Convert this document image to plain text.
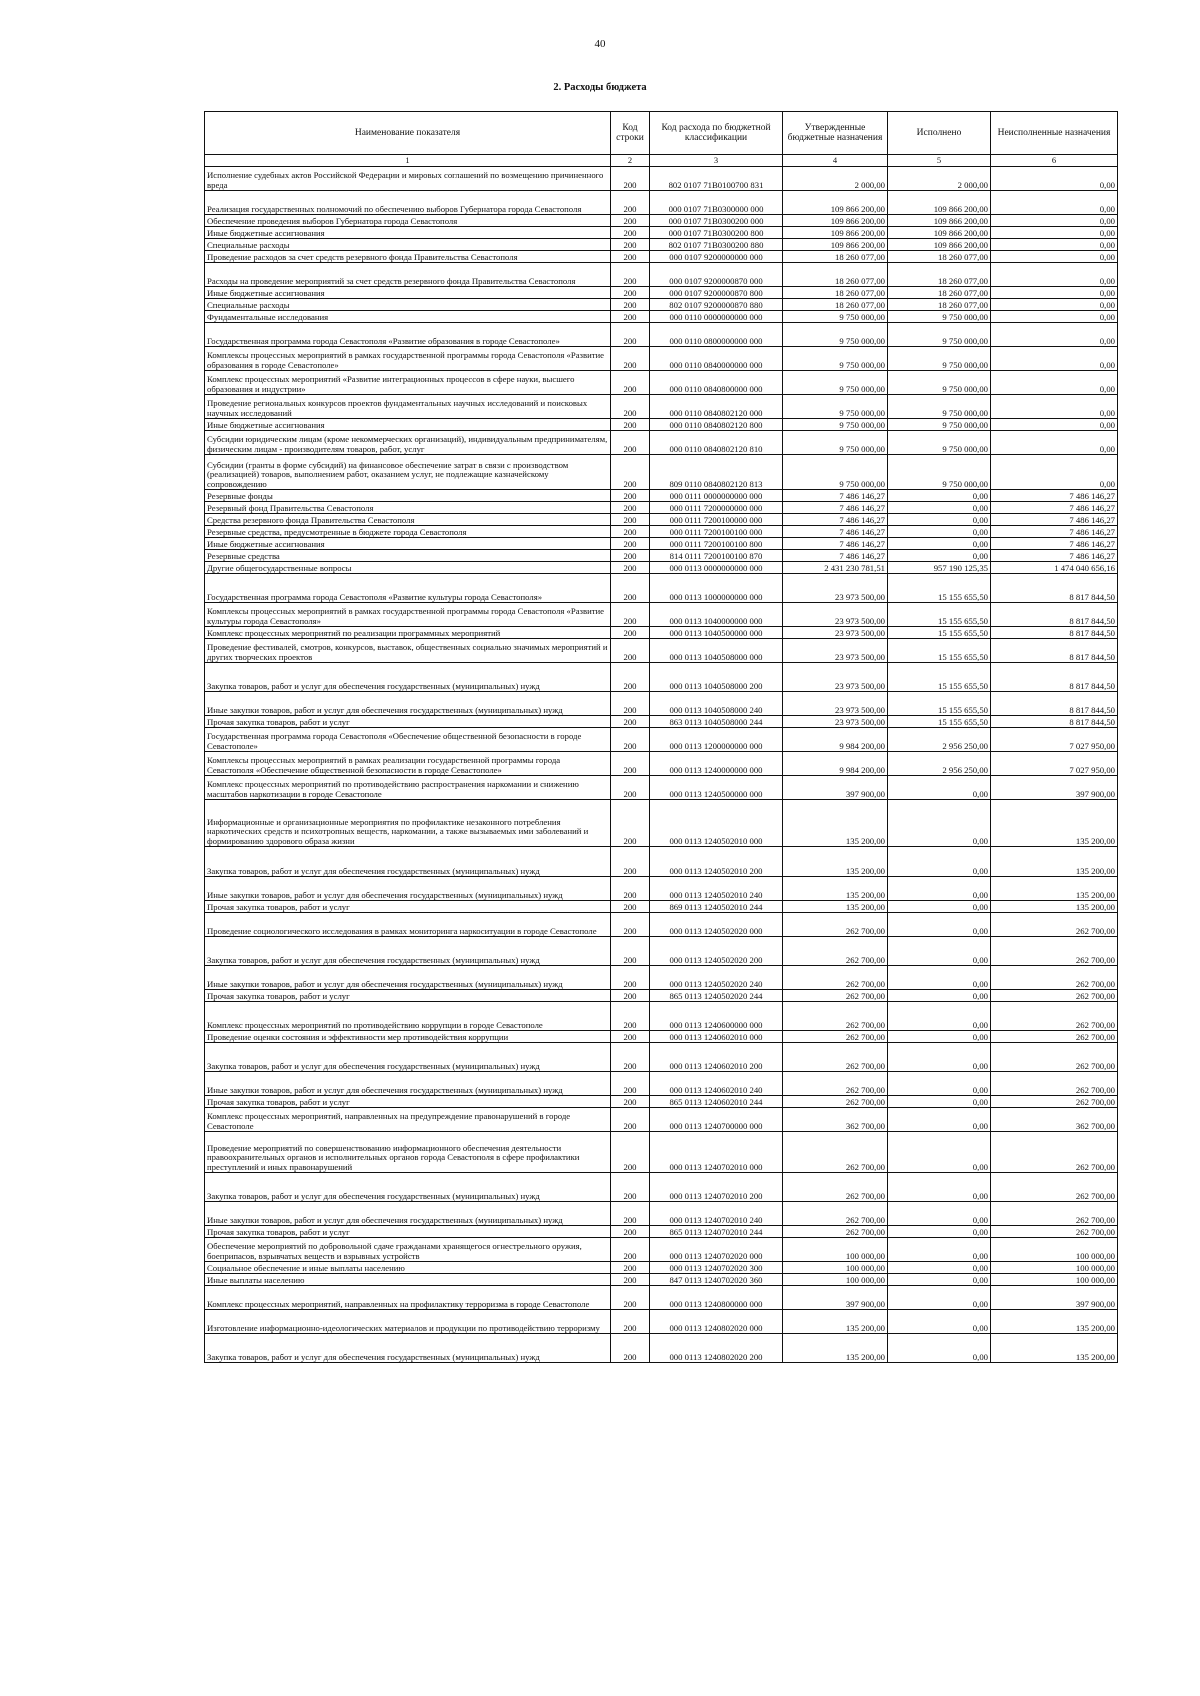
40
2. Расходы бюджета
Наименование показателя	Код строки	Код расхода по бюджетной классификации	Утвержденные бюджетные назначения	Исполнено	Неисполненные назначения
1	2	3	4	5	6
Исполнение судебных актов Российской Федерации и мировых соглашений по возмещению причиненного вреда	200	802 0107 71В0100700 831	2 000,00	2 000,00	0,00
Реализация государственных полномочий по обеспечению выборов Губернатора города Севастополя	200	000 0107 71В0300000 000	109 866 200,00	109 866 200,00	0,00
Обеспечение проведения выборов Губернатора города Севастополя	200	000 0107 71В0300200 000	109 866 200,00	109 866 200,00	0,00
Иные бюджетные ассигнования	200	000 0107 71В0300200 800	109 866 200,00	109 866 200,00	0,00
Специальные расходы	200	802 0107 71В0300200 880	109 866 200,00	109 866 200,00	0,00
Проведение расходов за счет средств резервного фонда Правительства Севастополя	200	000 0107 9200000000 000	18 260 077,00	18 260 077,00	0,00
Расходы на проведение мероприятий за счет средств резервного фонда Правительства Севастополя	200	000 0107 9200000870 000	18 260 077,00	18 260 077,00	0,00
Иные бюджетные ассигнования	200	000 0107 9200000870 800	18 260 077,00	18 260 077,00	0,00
Специальные расходы	200	802 0107 9200000870 880	18 260 077,00	18 260 077,00	0,00
Фундаментальные исследования	200	000 0110 0000000000 000	9 750 000,00	9 750 000,00	0,00
Государственная программа города Севастополя «Развитие образования в городе Севастополе»	200	000 0110 0800000000 000	9 750 000,00	9 750 000,00	0,00
Комплексы процессных мероприятий в рамках государственной программы города Севастополя «Развитие образования в городе Севастополе»	200	000 0110 0840000000 000	9 750 000,00	9 750 000,00	0,00
Комплекс процессных мероприятий «Развитие интеграционных процессов в сфере науки, высшего образования и индустрии»	200	000 0110 0840800000 000	9 750 000,00	9 750 000,00	0,00
Проведение региональных конкурсов проектов фундаментальных научных исследований и поисковых научных исследований	200	000 0110 0840802120 000	9 750 000,00	9 750 000,00	0,00
Иные бюджетные ассигнования	200	000 0110 0840802120 800	9 750 000,00	9 750 000,00	0,00
Субсидии юридическим лицам (кроме некоммерческих организаций), индивидуальным предпринимателям, физическим лицам - производителям товаров, работ, услуг	200	000 0110 0840802120 810	9 750 000,00	9 750 000,00	0,00
Субсидии (гранты в форме субсидий) на финансовое обеспечение затрат в связи с производством (реализацией) товаров, выполнением работ, оказанием услуг, не подлежащие казначейскому сопровождению	200	809 0110 0840802120 813	9 750 000,00	9 750 000,00	0,00
Резервные фонды	200	000 0111 0000000000 000	7 486 146,27	0,00	7 486 146,27
Резервный фонд Правительства Севастополя	200	000 0111 7200000000 000	7 486 146,27	0,00	7 486 146,27
Средства резервного фонда Правительства Севастополя	200	000 0111 7200100000 000	7 486 146,27	0,00	7 486 146,27
Резервные средства, предусмотренные в бюджете города Севастополя	200	000 0111 7200100100 000	7 486 146,27	0,00	7 486 146,27
Иные бюджетные ассигнования	200	000 0111 7200100100 800	7 486 146,27	0,00	7 486 146,27
Резервные средства	200	814 0111 7200100100 870	7 486 146,27	0,00	7 486 146,27
Другие общегосударственные вопросы	200	000 0113 0000000000 000	2 431 230 781,51	957 190 125,35	1 474 040 656,16
Государственная программа города Севастополя «Развитие культуры города Севастополя»	200	000 0113 1000000000 000	23 973 500,00	15 155 655,50	8 817 844,50
Комплексы процессных мероприятий в рамках государственной программы города Севастополя «Развитие культуры города Севастополя»	200	000 0113 1040000000 000	23 973 500,00	15 155 655,50	8 817 844,50
Комплекс процессных мероприятий по реализации программных мероприятий	200	000 0113 1040500000 000	23 973 500,00	15 155 655,50	8 817 844,50
Проведение фестивалей, смотров, конкурсов, выставок, общественных социально значимых мероприятий и других творческих проектов	200	000 0113 1040508000 000	23 973 500,00	15 155 655,50	8 817 844,50
Закупка товаров, работ и услуг для обеспечения государственных (муниципальных) нужд	200	000 0113 1040508000 200	23 973 500,00	15 155 655,50	8 817 844,50
Иные закупки товаров, работ и услуг для обеспечения государственных (муниципальных) нужд	200	000 0113 1040508000 240	23 973 500,00	15 155 655,50	8 817 844,50
Прочая закупка товаров, работ и услуг	200	863 0113 1040508000 244	23 973 500,00	15 155 655,50	8 817 844,50
Государственная программа города Севастополя «Обеспечение общественной безопасности в городе Севастополе»	200	000 0113 1200000000 000	9 984 200,00	2 956 250,00	7 027 950,00
Комплексы процессных мероприятий в рамках реализации государственной программы города Севастополя «Обеспечение общественной безопасности в городе Севастополе»	200	000 0113 1240000000 000	9 984 200,00	2 956 250,00	7 027 950,00
Комплекс процессных мероприятий по противодействию распространения наркомании и снижению масштабов наркотизации в городе Севастополе	200	000 0113 1240500000 000	397 900,00	0,00	397 900,00
Информационные и организационные мероприятия по профилактике незаконного потребления наркотических средств и психотропных веществ, наркомании, а также вызываемых ими заболеваний и формированию здорового образа жизни	200	000 0113 1240502010 000	135 200,00	0,00	135 200,00
Закупка товаров, работ и услуг для обеспечения государственных (муниципальных) нужд	200	000 0113 1240502010 200	135 200,00	0,00	135 200,00
Иные закупки товаров, работ и услуг для обеспечения государственных (муниципальных) нужд	200	000 0113 1240502010 240	135 200,00	0,00	135 200,00
Прочая закупка товаров, работ и услуг	200	869 0113 1240502010 244	135 200,00	0,00	135 200,00
Проведение социологического исследования в рамках мониторинга наркоситуации в городе Севастополе	200	000 0113 1240502020 000	262 700,00	0,00	262 700,00
Закупка товаров, работ и услуг для обеспечения государственных (муниципальных) нужд	200	000 0113 1240502020 200	262 700,00	0,00	262 700,00
Иные закупки товаров, работ и услуг для обеспечения государственных (муниципальных) нужд	200	000 0113 1240502020 240	262 700,00	0,00	262 700,00
Прочая закупка товаров, работ и услуг	200	865 0113 1240502020 244	262 700,00	0,00	262 700,00
Комплекс процессных мероприятий по противодействию коррупции в городе Севастополе	200	000 0113 1240600000 000	262 700,00	0,00	262 700,00
Проведение оценки состояния и эффективности мер противодействия коррупции	200	000 0113 1240602010 000	262 700,00	0,00	262 700,00
Закупка товаров, работ и услуг для обеспечения государственных (муниципальных) нужд	200	000 0113 1240602010 200	262 700,00	0,00	262 700,00
Иные закупки товаров, работ и услуг для обеспечения государственных (муниципальных) нужд	200	000 0113 1240602010 240	262 700,00	0,00	262 700,00
Прочая закупка товаров, работ и услуг	200	865 0113 1240602010 244	262 700,00	0,00	262 700,00
Комплекс процессных мероприятий, направленных на предупреждение правонарушений в городе Севастополе	200	000 0113 1240700000 000	362 700,00	0,00	362 700,00
Проведение мероприятий по совершенствованию информационного обеспечения деятельности правоохранительных органов и исполнительных органов города Севастополя в сфере профилактики преступлений и иных правонарушений	200	000 0113 1240702010 000	262 700,00	0,00	262 700,00
Закупка товаров, работ и услуг для обеспечения государственных (муниципальных) нужд	200	000 0113 1240702010 200	262 700,00	0,00	262 700,00
Иные закупки товаров, работ и услуг для обеспечения государственных (муниципальных) нужд	200	000 0113 1240702010 240	262 700,00	0,00	262 700,00
Прочая закупка товаров, работ и услуг	200	865 0113 1240702010 244	262 700,00	0,00	262 700,00
Обеспечение мероприятий по добровольной сдаче гражданами хранящегося огнестрельного оружия, боеприпасов, взрывчатых веществ и взрывных устройств	200	000 0113 1240702020 000	100 000,00	0,00	100 000,00
Социальное обеспечение и иные выплаты населению	200	000 0113 1240702020 300	100 000,00	0,00	100 000,00
Иные выплаты населению	200	847 0113 1240702020 360	100 000,00	0,00	100 000,00
Комплекс процессных мероприятий, направленных на профилактику терроризма в городе Севастополе	200	000 0113 1240800000 000	397 900,00	0,00	397 900,00
Изготовление информационно-идеологических материалов и продукции по противодействию терроризму	200	000 0113 1240802020 000	135 200,00	0,00	135 200,00
Закупка товаров, работ и услуг для обеспечения государственных (муниципальных) нужд	200	000 0113 1240802020 200	135 200,00	0,00	135 200,00
